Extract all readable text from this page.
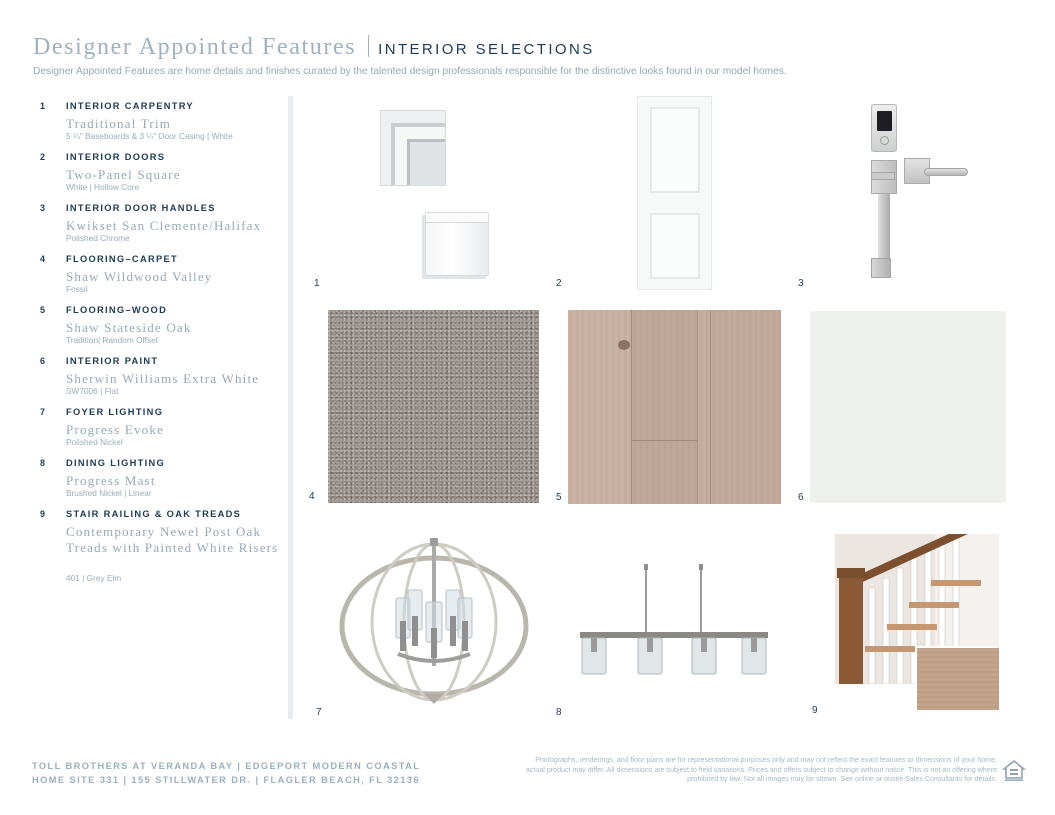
Designer Appointed Features INTERIOR SELECTIONS
Designer Appointed Features are home details and finishes curated by the talented design professionals responsible for the distinctive looks found in our model homes.
1 INTERIOR CARPENTRY
Traditional Trim
5 ¼" Baseboards & 3 ¼" Door Casing | White
2 INTERIOR DOORS
Two-Panel Square
White | Hollow Core
3 INTERIOR DOOR HANDLES
Kwikset San Clemente/Halifax
Polished Chrome
4 FLOORING–CARPET
Shaw Wildwood Valley
Fossil
5 FLOORING–WOOD
Shaw Stateside Oak
Tradition| Random Offset
6 INTERIOR PAINT
Sherwin Williams Extra White
SW7006 | Flat
7 FOYER LIGHTING
Progress Evoke
Polished Nickel
8 DINING LIGHTING
Progress Mast
Brushed Nickel | Linear
9 STAIR RAILING & OAK TREADS
Contemporary Newel Post Oak Treads with Painted White Risers
401 | Grey Elm
1	2	3
4	5	6
7	8	9
TOLL BROTHERS AT VERANDA BAY | EDGEPORT MODERN COASTAL
HOME SITE 331 | 155 STILLWATER DR. | FLAGLER BEACH, FL 32136
Photographs, renderings, and floor plans are for representational purposes only and may not reflect the exact features or dimensions of your home; actual product may differ. All dimensions are subject to field variations. Prices and offers subject to change without notice. This is not an offering where prohibited by law. Not all images may be shown. See online or onsite Sales Consultants for details.
